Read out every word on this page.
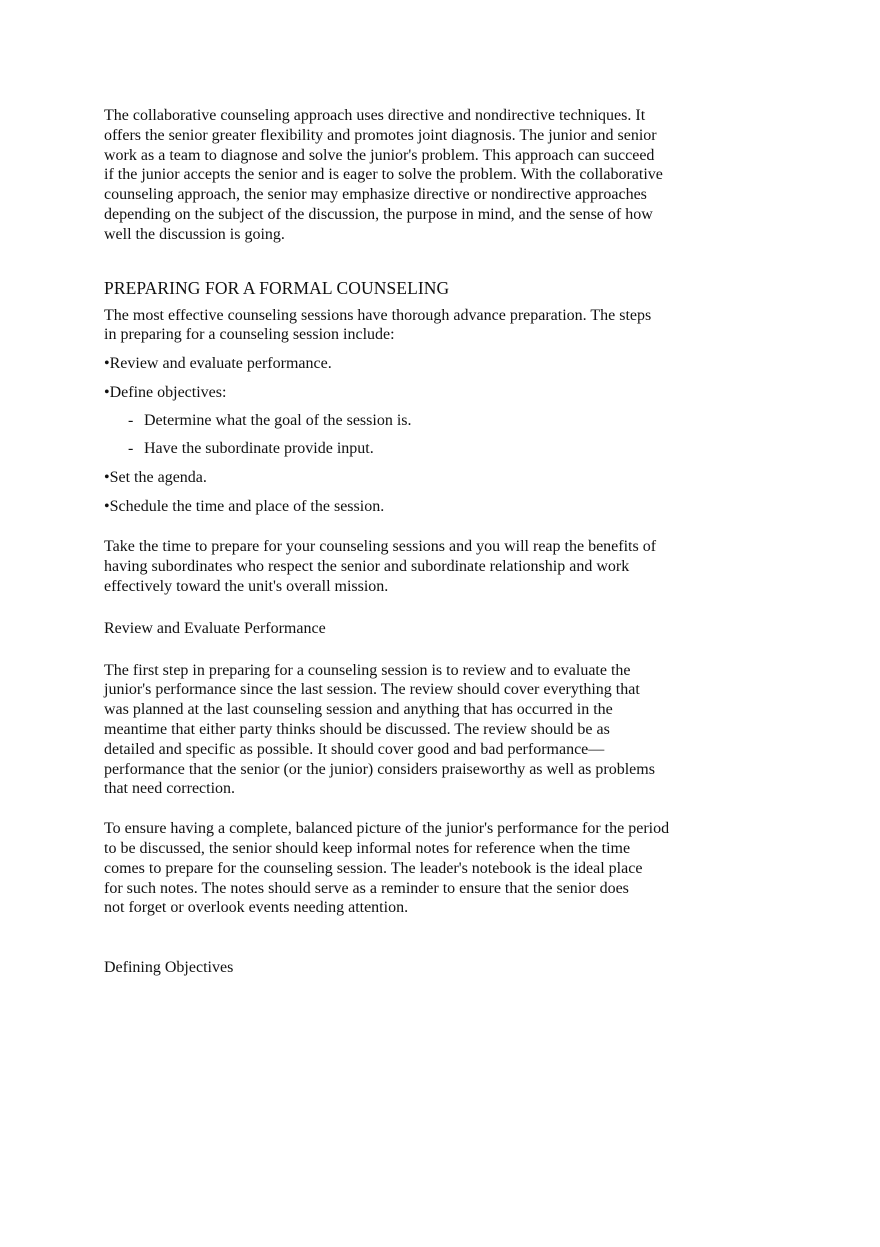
The collaborative counseling approach uses directive and nondirective techniques. It
offers the senior greater flexibility and promotes joint diagnosis. The junior and senior
work as a team to diagnose and solve the junior's problem. This approach can succeed
if the junior accepts the senior and is eager to solve the problem. With the collaborative
counseling approach, the senior may emphasize directive or nondirective approaches
depending on the subject of the discussion, the purpose in mind, and the sense of how
well the discussion is going.
PREPARING FOR A FORMAL COUNSELING
The most effective counseling sessions have thorough advance preparation. The steps
in preparing for a counseling session include:

•Review and evaluate performance.

•Define objectives:

- Determine what the goal of the session is.

- Have the subordinate provide input.

•Set the agenda.

•Schedule the time and place of the session.

Take the time to prepare for your counseling sessions and you will reap the benefits of
having subordinates who respect the senior and subordinate relationship and work
effectively toward the unit's overall mission.
Review and Evaluate Performance
The first step in preparing for a counseling session is to review and to evaluate the
junior's performance since the last session. The review should cover everything that
was planned at the last counseling session and anything that has occurred in the
meantime that either party thinks should be discussed. The review should be as
detailed and specific as possible. It should cover good and bad performance—
performance that the senior (or the junior) considers praiseworthy as well as problems
that need correction.
To ensure having a complete, balanced picture of the junior's performance for the period
to be discussed, the senior should keep informal notes for reference when the time
comes to prepare for the counseling session. The leader's notebook is the ideal place
for such notes. The notes should serve as a reminder to ensure that the senior does
not forget or overlook events needing attention.
Defining Objectives
